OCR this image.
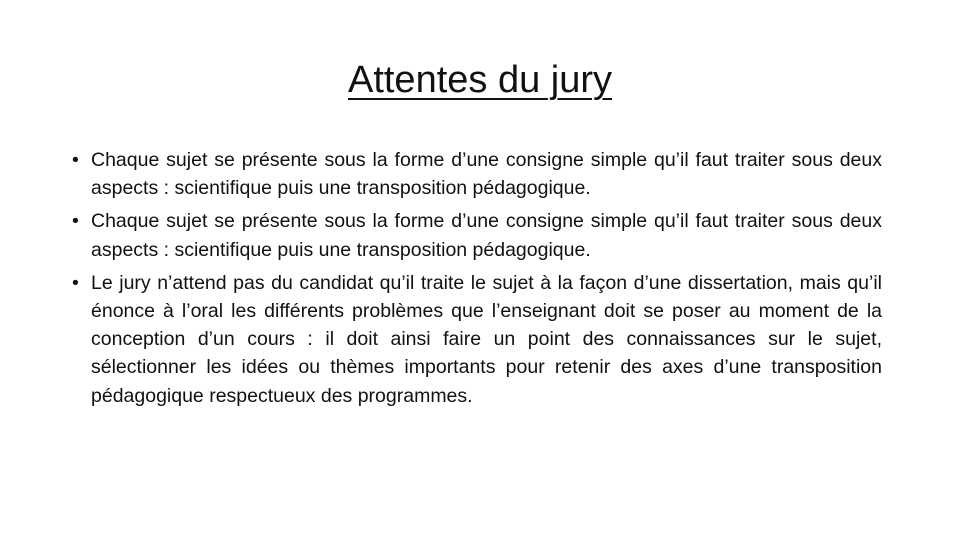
Attentes du jury
• Chaque sujet se présente sous la forme d’une consigne simple qu’il faut traiter sous deux aspects : scientifique puis une transposition pédagogique.
• Chaque sujet se présente sous la forme d’une consigne simple qu’il faut traiter sous deux aspects : scientifique puis une transposition pédagogique.
• Le jury n’attend pas du candidat qu’il traite le sujet à la façon d’une dissertation, mais qu’il énonce à l’oral les différents problèmes que l’enseignant doit se poser au moment de la conception d’un cours : il doit ainsi faire un point des connaissances sur le sujet, sélectionner les idées ou thèmes importants pour retenir des axes d’une transposition pédagogique respectueux des programmes.
